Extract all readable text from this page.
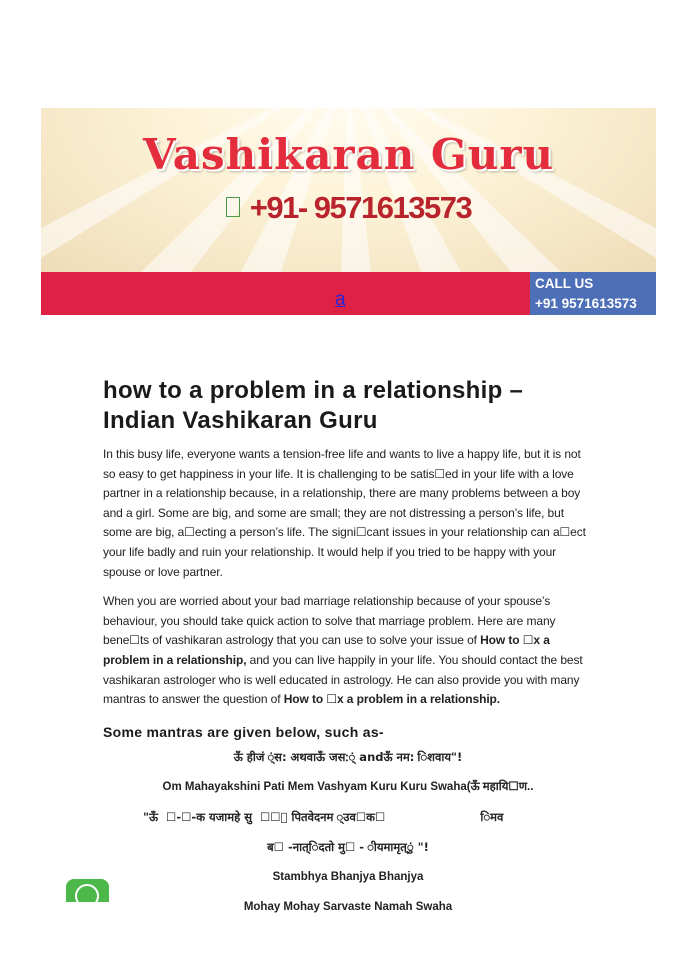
Vashikaran Guru
+91- 9571613573
a
CALL US
+91 9571613573
how to a problem in a relationship – Indian Vashikaran Guru

In this busy life, everyone wants a tension-free life and wants to live a happy life, but it is not so easy to get happiness in your life. It is challenging to be satis☐ed in your life with a love partner in a relationship because, in a relationship, there are many problems between a boy and a girl. Some are big, and some are small; they are not distressing a person’s life, but some are big, a☐ecting a person’s life. The signi☐cant issues in your relationship can a☐ect your life badly and ruin your relationship. It would help if you tried to be happy with your spouse or love partner.

When you are worried about your bad marriage relationship because of your spouse’s behaviour, you should take quick action to solve that marriage problem. Here are many bene☐ts of vashikaran astrology that you can use to solve your issue of How to ☐x a problem in a relationship, and you can live happily in your life. You should contact the best vashikaran astrologer who is well educated in astrology. He can also provide you with many mantras to answer the question of How to ☐x a problem in a relationship.

Some mantras are given below, such as-
ऊँ हीजं ्ंस: अथवाऊँ जस:्ं andऊँ नम: िशवाय"!
Om Mahayakshini Pati Mem Vashyam Kuru Kuru Swaha(ऊँ महायि☐ण..
"ऊँ  ☐-☐-क यजामहे सु  ☐☐ं पितवेदनम ्उव☐क☐                        िमव
ब☐ -नात्िदतो मु☐ - ीयमामृत्ुं "!
Stambhya Bhanjya Bhanjya
Mohay Mohay Sarvaste Namah Swaha
